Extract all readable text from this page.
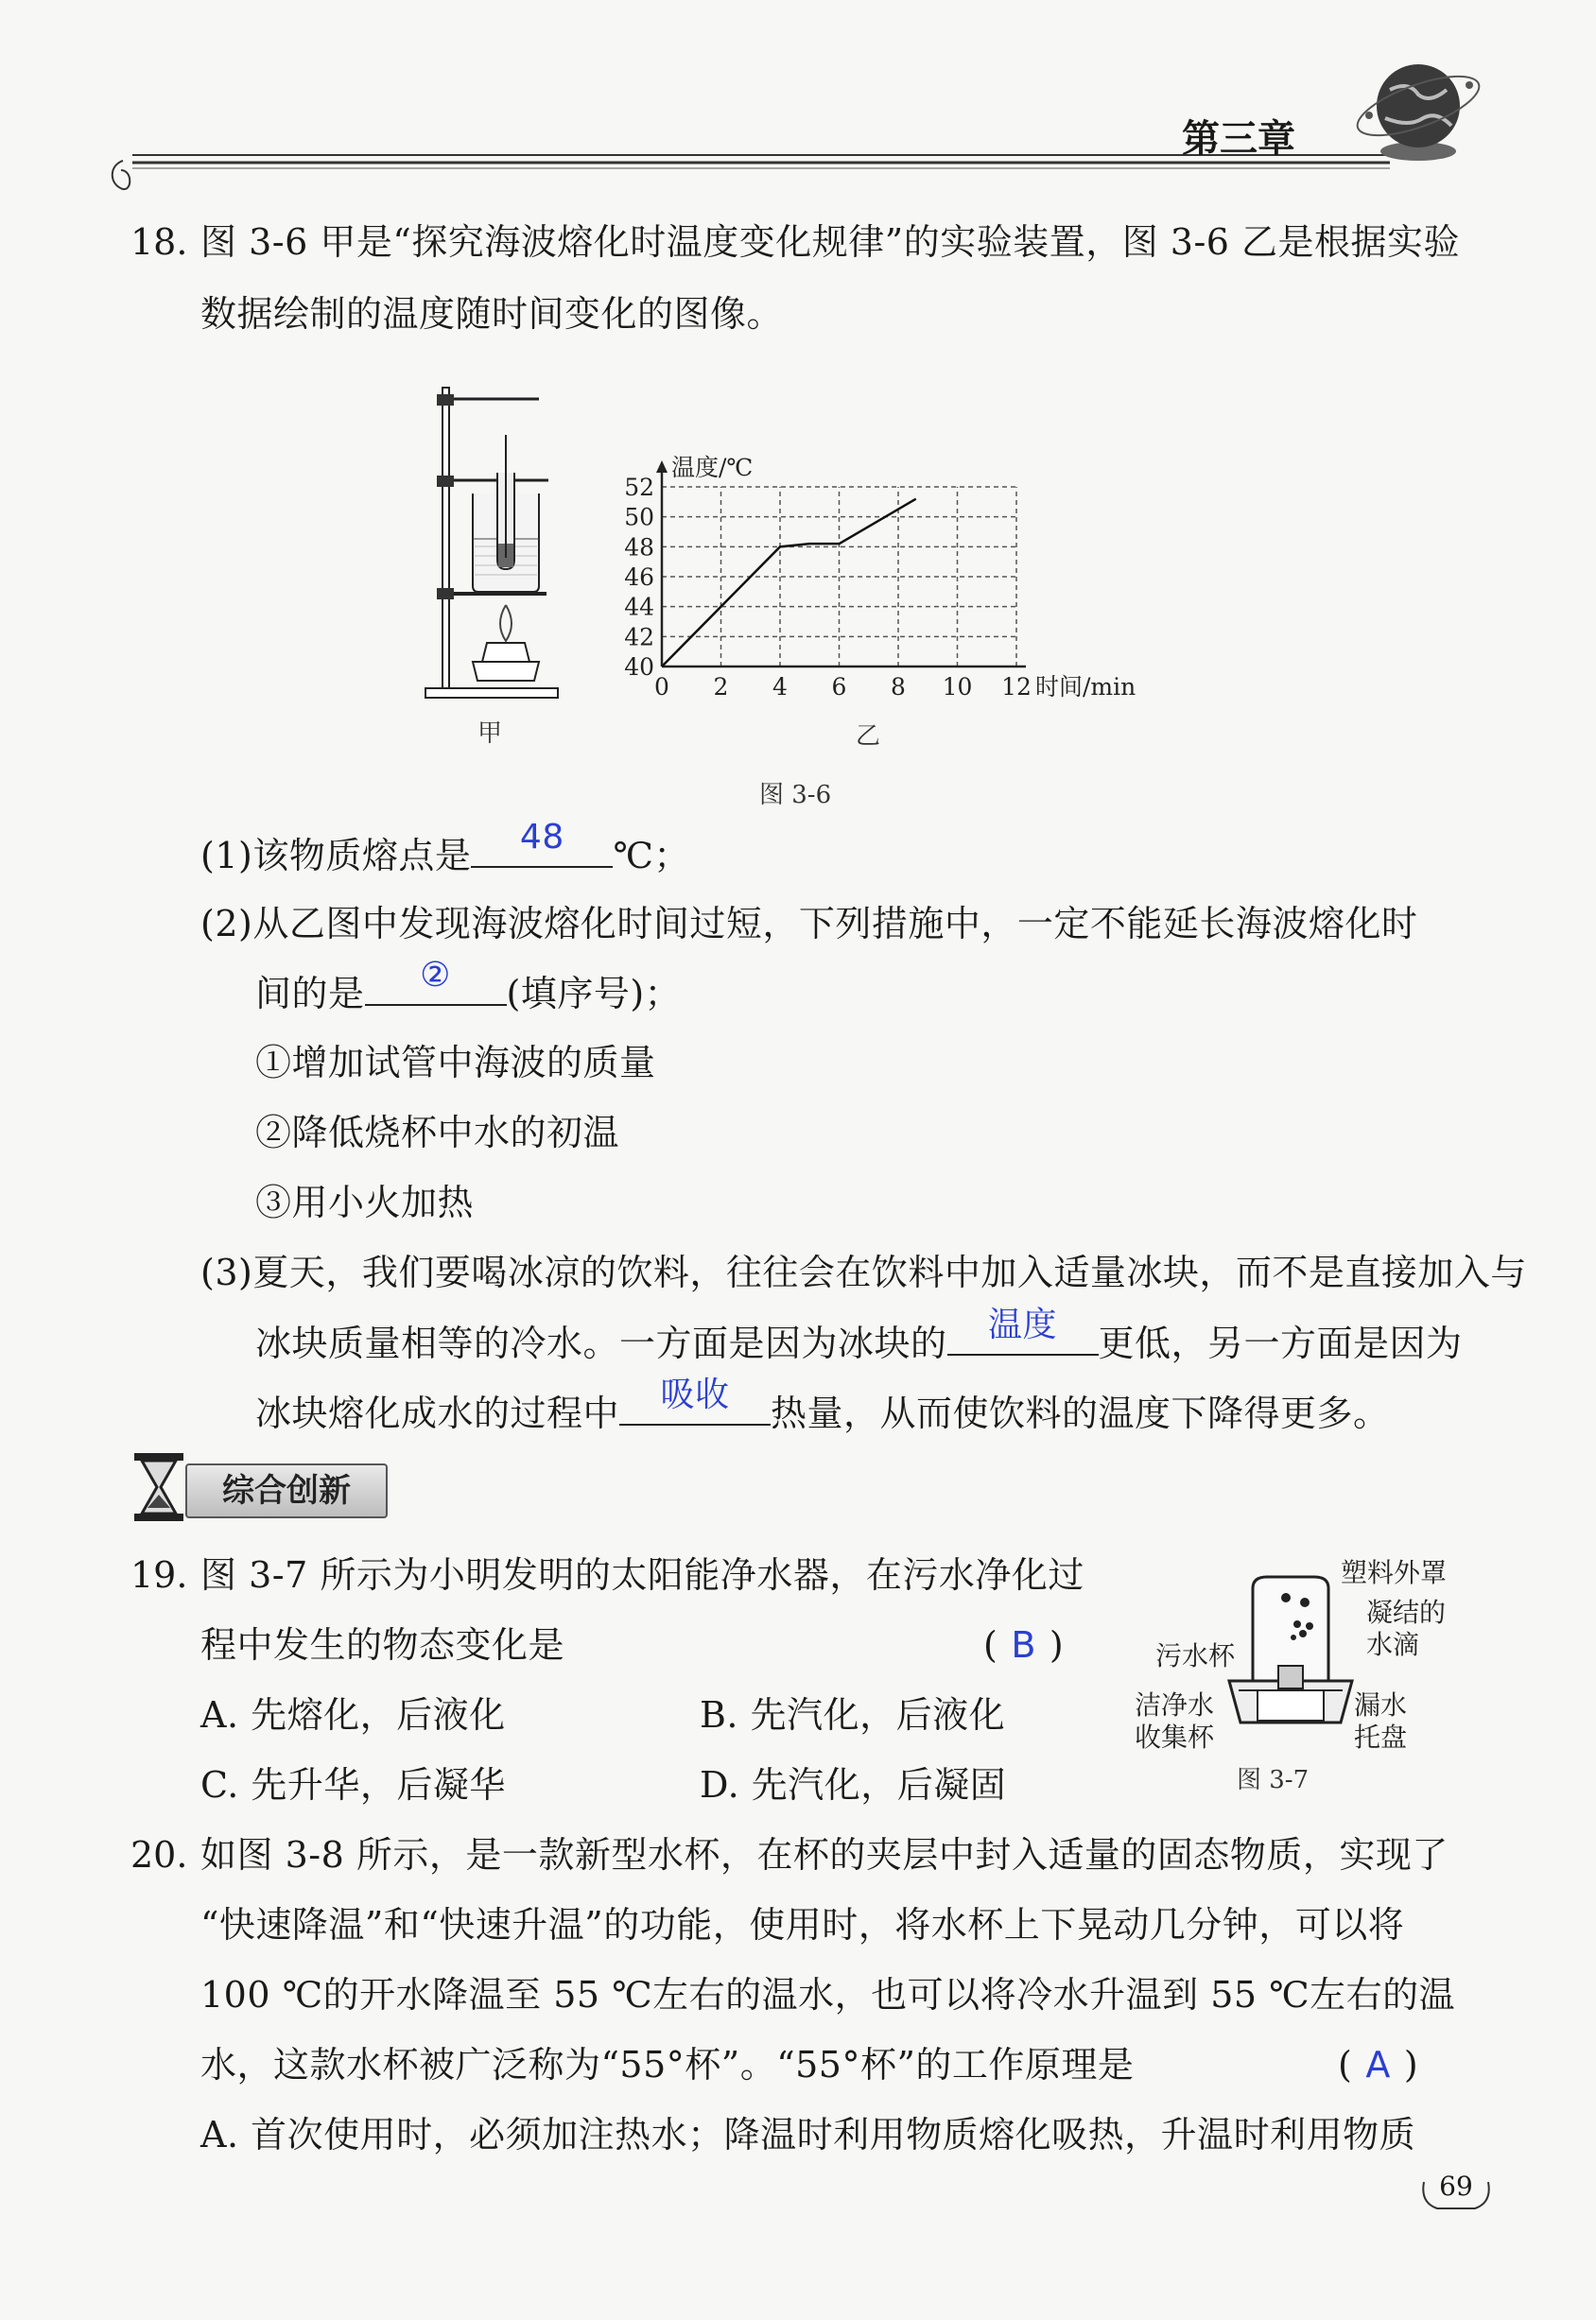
第三章
18. 图 3-6 甲是“探究海波熔化时温度变化规律”的实验装置，图 3-6 乙是根据实验
数据绘制的温度随时间变化的图像。
甲
0 2 4 6 8 10 12
40
42
44
46
48
50
52
时间/min
温度/℃
乙
图 3-6
(1)该物质熔点是	48	℃；
(2)从乙图中发现海波熔化时间过短，下列措施中，一定不能延长海波熔化时
间的是	②	(填序号)；
①增加试管中海波的质量
②降低烧杯中水的初温
③用小火加热
(3)夏天，我们要喝冰凉的饮料，往往会在饮料中加入适量冰块，而不是直接加入与
冰块质量相等的冷水。一方面是因为冰块的	温度	更低，另一方面是因为
冰块熔化成水的过程中	吸收	热量，从而使饮料的温度下降得更多。
综合创新
19. 图 3-7 所示为小明发明的太阳能净水器，在污水净化过
程中发生的物态变化是	( B )
A. 先熔化，后液化	B. 先汽化，后液化
C. 先升华，后凝华	D. 先汽化，后凝固
塑料外罩
凝结的
水滴
污水杯
洁净水
收集杯
漏水
托盘
图 3-7
20. 如图 3-8 所示，是一款新型水杯，在杯的夹层中封入适量的固态物质，实现了
“快速降温”和“快速升温”的功能，使用时，将水杯上下晃动几分钟，可以将
100 ℃的开水降温至 55 ℃左右的温水，也可以将冷水升温到 55 ℃左右的温
水，这款水杯被广泛称为“55°杯”。“55°杯”的工作原理是	( A )
A. 首次使用时，必须加注热水；降温时利用物质熔化吸热，升温时利用物质
69
